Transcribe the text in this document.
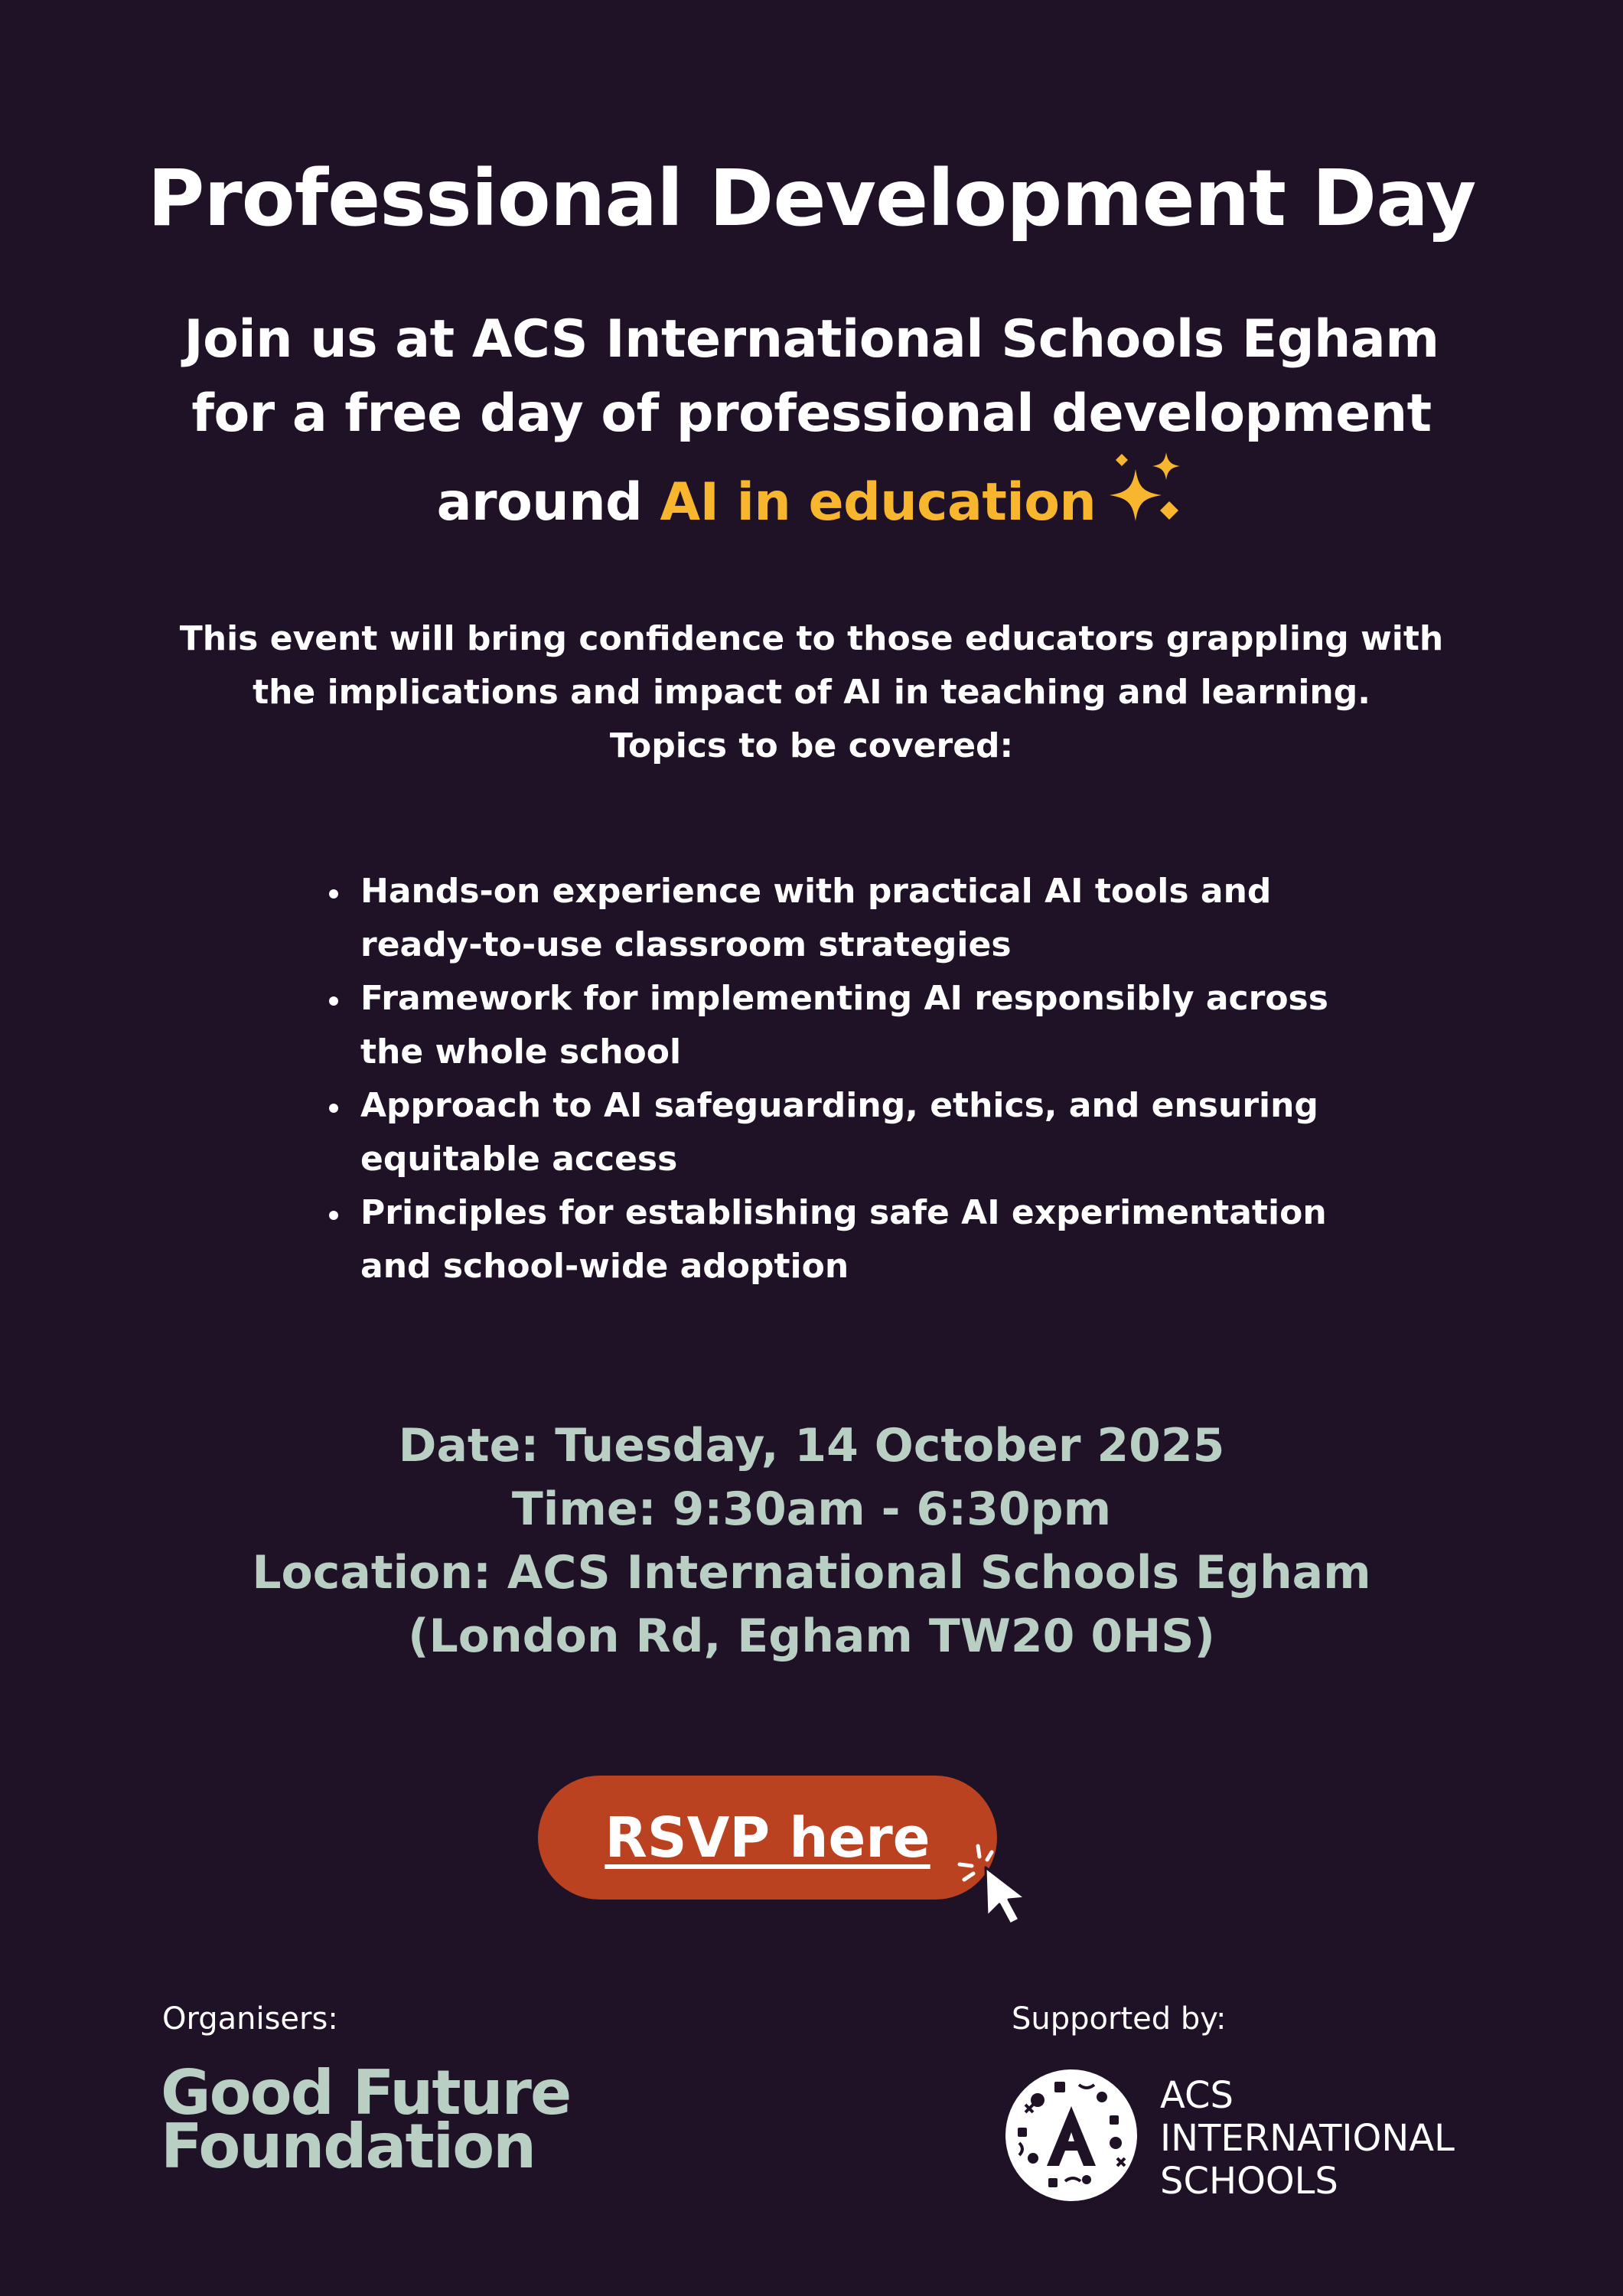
Professional Development Day
Join us at ACS International Schools Egham
for a free day of professional development
around AI in education
This event will bring confidence to those educators grappling with
the implications and impact of AI in teaching and learning.
Topics to be covered:
Hands-on experience with practical AI tools and
ready-to-use classroom strategies
Framework for implementing AI responsibly across
the whole school
Approach to AI safeguarding, ethics, and ensuring
equitable access
Principles for establishing safe AI experimentation
and school-wide adoption
Date: Tuesday, 14 October 2025
Time: 9:30am - 6:30pm
Location: ACS International Schools Egham
(London Rd, Egham TW20 0HS)
RSVP here
Organisers:
Good Future
Foundation
Supported by:
ACS
INTERNATIONAL
SCHOOLS
